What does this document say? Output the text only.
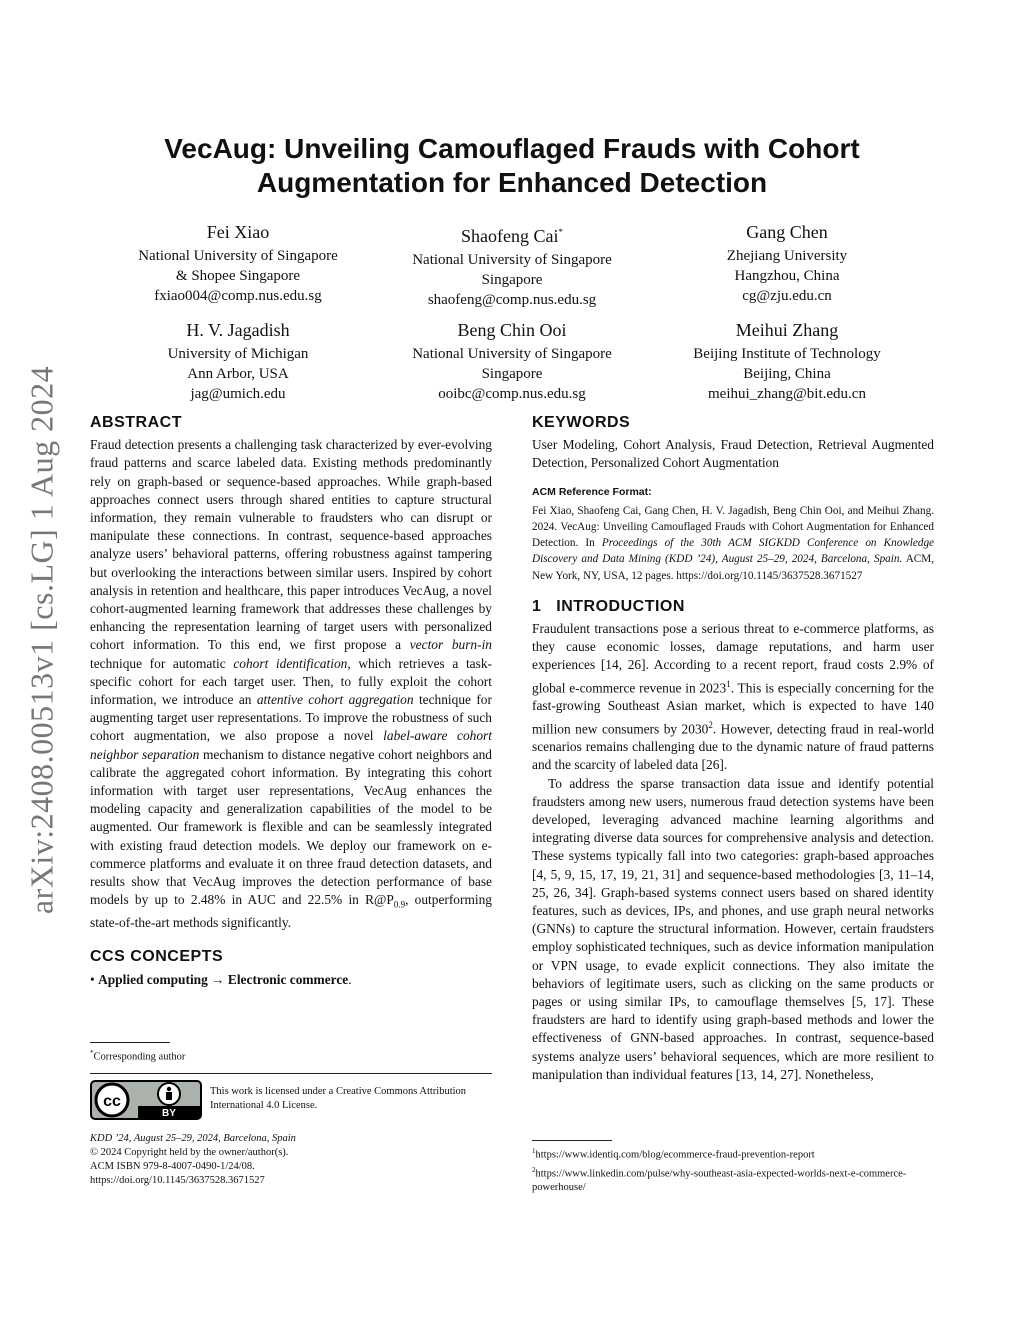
arXiv:2408.00513v1 [cs.LG] 1 Aug 2024
VecAug: Unveiling Camouflaged Frauds with Cohort
Augmentation for Enhanced Detection
Fei Xiao
National University of Singapore
& Shopee Singapore
fxiao004@comp.nus.edu.sg
Shaofeng Cai*
National University of Singapore
Singapore
shaofeng@comp.nus.edu.sg
Gang Chen
Zhejiang University
Hangzhou, China
cg@zju.edu.cn
H. V. Jagadish
University of Michigan
Ann Arbor, USA
jag@umich.edu
Beng Chin Ooi
National University of Singapore
Singapore
ooibc@comp.nus.edu.sg
Meihui Zhang
Beijing Institute of Technology
Beijing, China
meihui_zhang@bit.edu.cn
ABSTRACT

Fraud detection presents a challenging task characterized by ever-evolving fraud patterns and scarce labeled data. Existing methods predominantly rely on graph-based or sequence-based approaches. While graph-based approaches connect users through shared entities to capture structural information, they remain vulnerable to fraudsters who can disrupt or manipulate these connections. In contrast, sequence-based approaches analyze users’ behavioral patterns, offering robustness against tampering but overlooking the interactions between similar users. Inspired by cohort analysis in retention and healthcare, this paper introduces VecAug, a novel cohort-augmented learning framework that addresses these challenges by enhancing the representation learning of target users with personalized cohort information. To this end, we first propose a vector burn-in technique for automatic cohort identification, which retrieves a task-specific cohort for each target user. Then, to fully exploit the cohort information, we introduce an attentive cohort aggregation technique for augmenting target user representations. To improve the robustness of such cohort augmentation, we also propose a novel label-aware cohort neighbor separation mechanism to distance negative cohort neighbors and calibrate the aggregated cohort information. By integrating this cohort information with target user representations, VecAug enhances the modeling capacity and generalization capabilities of the model to be augmented. Our framework is flexible and can be seamlessly integrated with existing fraud detection models. We deploy our framework on e-commerce platforms and evaluate it on three fraud detection datasets, and results show that VecAug improves the detection performance of base models by up to 2.48% in AUC and 22.5% in $R@P_{0.9}$, outperforming state-of-the-art methods significantly.

CCS CONCEPTS
• Applied computing → Electronic commerce.
*Corresponding author
cc
BY
This work is licensed under a Creative Commons Attribution International 4.0 License.
KDD ’24, August 25–29, 2024, Barcelona, Spain
© 2024 Copyright held by the owner/author(s).
ACM ISBN 979-8-4007-0490-1/24/08.
https://doi.org/10.1145/3637528.3671527
KEYWORDS

User Modeling, Cohort Analysis, Fraud Detection, Retrieval Augmented Detection, Personalized Cohort Augmentation

ACM Reference Format:

Fei Xiao, Shaofeng Cai, Gang Chen, H. V. Jagadish, Beng Chin Ooi, and Meihui Zhang. 2024. VecAug: Unveiling Camouflaged Frauds with Cohort Augmentation for Enhanced Detection. In Proceedings of the 30th ACM SIGKDD Conference on Knowledge Discovery and Data Mining (KDD ’24), August 25–29, 2024, Barcelona, Spain. ACM, New York, NY, USA, 12 pages. https://doi.org/10.1145/3637528.3671527

1 INTRODUCTION

Fraudulent transactions pose a serious threat to e-commerce platforms, as they cause economic losses, damage reputations, and harm user experiences [14, 26]. According to a recent report, fraud costs 2.9% of global e-commerce revenue in 2023$^1$. This is especially concerning for the fast-growing Southeast Asian market, which is expected to have 140 million new consumers by 2030$^2$. However, detecting fraud in real-world scenarios remains challenging due to the dynamic nature of fraud patterns and the scarcity of labeled data [26].

To address the sparse transaction data issue and identify potential fraudsters among new users, numerous fraud detection systems have been developed, leveraging advanced machine learning algorithms and integrating diverse data sources for comprehensive analysis and detection. These systems typically fall into two categories: graph-based approaches [4, 5, 9, 15, 17, 19, 21, 31] and sequence-based methodologies [3, 11–14, 25, 26, 34]. Graph-based systems connect users based on shared identity features, such as devices, IPs, and phones, and use graph neural networks (GNNs) to capture the structural information. However, certain fraudsters employ sophisticated techniques, such as device information manipulation or VPN usage, to evade explicit connections. They also imitate the behaviors of legitimate users, such as clicking on the same products or pages or using similar IPs, to camouflage themselves [5, 17]. These fraudsters are hard to identify using graph-based methods and lower the effectiveness of GNN-based approaches. In contrast, sequence-based systems analyze users’ behavioral sequences, which are more resilient to manipulation than individual features [13, 14, 27]. Nonetheless,

$^1$https://www.identiq.com/blog/ecommerce-fraud-prevention-report
$^2$https://www.linkedin.com/pulse/why-southeast-asia-expected-worlds-next-e-commerce-powerhouse/
